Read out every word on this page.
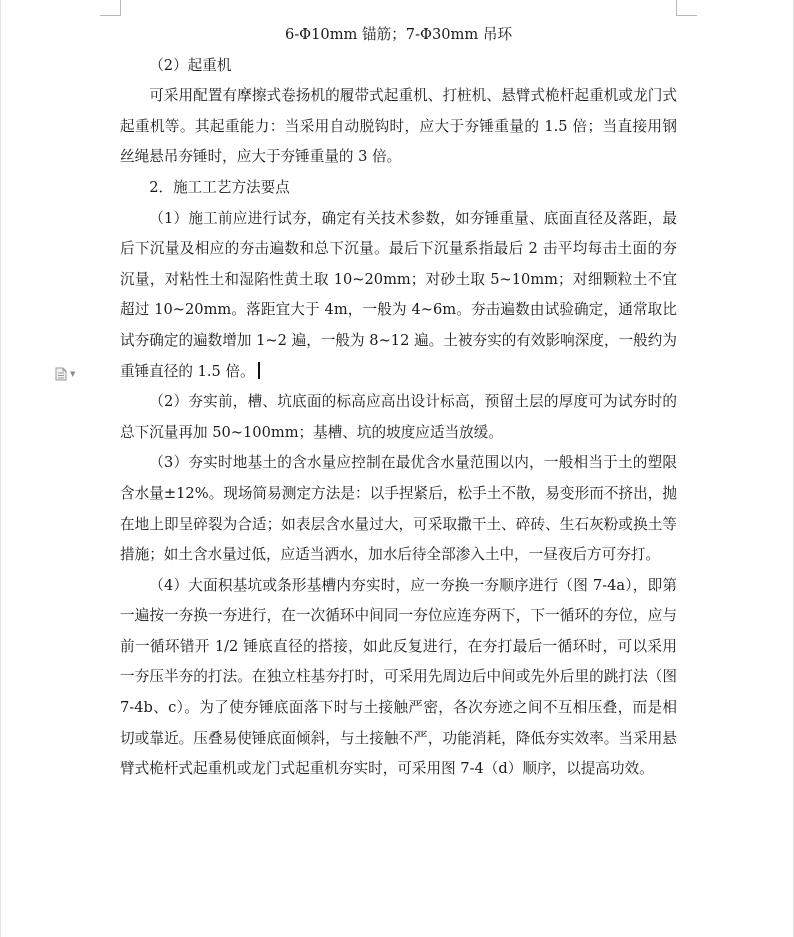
▼

6-Φ10mm 锚筋；7-Φ30mm 吊环

（2）起重机

可采用配置有摩擦式卷扬机的履带式起重机、打桩机、悬臂式桅杆起重机或龙门式起重机等。其起重能力：当采用自动脱钩时，应大于夯锤重量的 1.5 倍；当直接用钢丝绳悬吊夯锤时，应大于夯锤重量的 3 倍。

2．施工工艺方法要点

（1）施工前应进行试夯，确定有关技术参数，如夯锤重量、底面直径及落距，最后下沉量及相应的夯击遍数和总下沉量。最后下沉量系指最后 2 击平均每击土面的夯沉量，对粘性土和湿陷性黄土取 10~20mm；对砂土取 5~10mm；对细颗粒土不宜超过 10~20mm。落距宜大于 4m，一般为 4~6m。夯击遍数由试验确定，通常取比试夯确定的遍数增加 1~2 遍，一般为 8~12 遍。土被夯实的有效影响深度，一般约为重锤直径的 1.5 倍。

（2）夯实前，槽、坑底面的标高应高出设计标高，预留土层的厚度可为试夯时的总下沉量再加 50~100mm；基槽、坑的坡度应适当放缓。

（3）夯实时地基土的含水量应控制在最优含水量范围以内，一般相当于土的塑限含水量±12%。现场简易测定方法是：以手捏紧后，松手土不散，易变形而不挤出，抛在地上即呈碎裂为合适；如表层含水量过大，可采取撒干土、碎砖、生石灰粉或换土等措施；如土含水量过低，应适当洒水，加水后待全部渗入土中，一昼夜后方可夯打。

（4）大面积基坑或条形基槽内夯实时，应一夯换一夯顺序进行（图 7-4a），即第一遍按一夯换一夯进行，在一次循环中间同一夯位应连夯两下，下一循环的夯位，应与前一循环错开 1/2 锤底直径的搭接，如此反复进行，在夯打最后一循环时，可以采用一夯压半夯的打法。在独立柱基夯打时，可采用先周边后中间或先外后里的跳打法（图 7-4b、c）。为了使夯锤底面落下时与土接触严密，各次夯迹之间不互相压叠，而是相切或靠近。压叠易使锤底面倾斜，与土接触不严，功能消耗，降低夯实效率。当采用悬臂式桅杆式起重机或龙门式起重机夯实时，可采用图 7-4（d）顺序，以提高功效。
